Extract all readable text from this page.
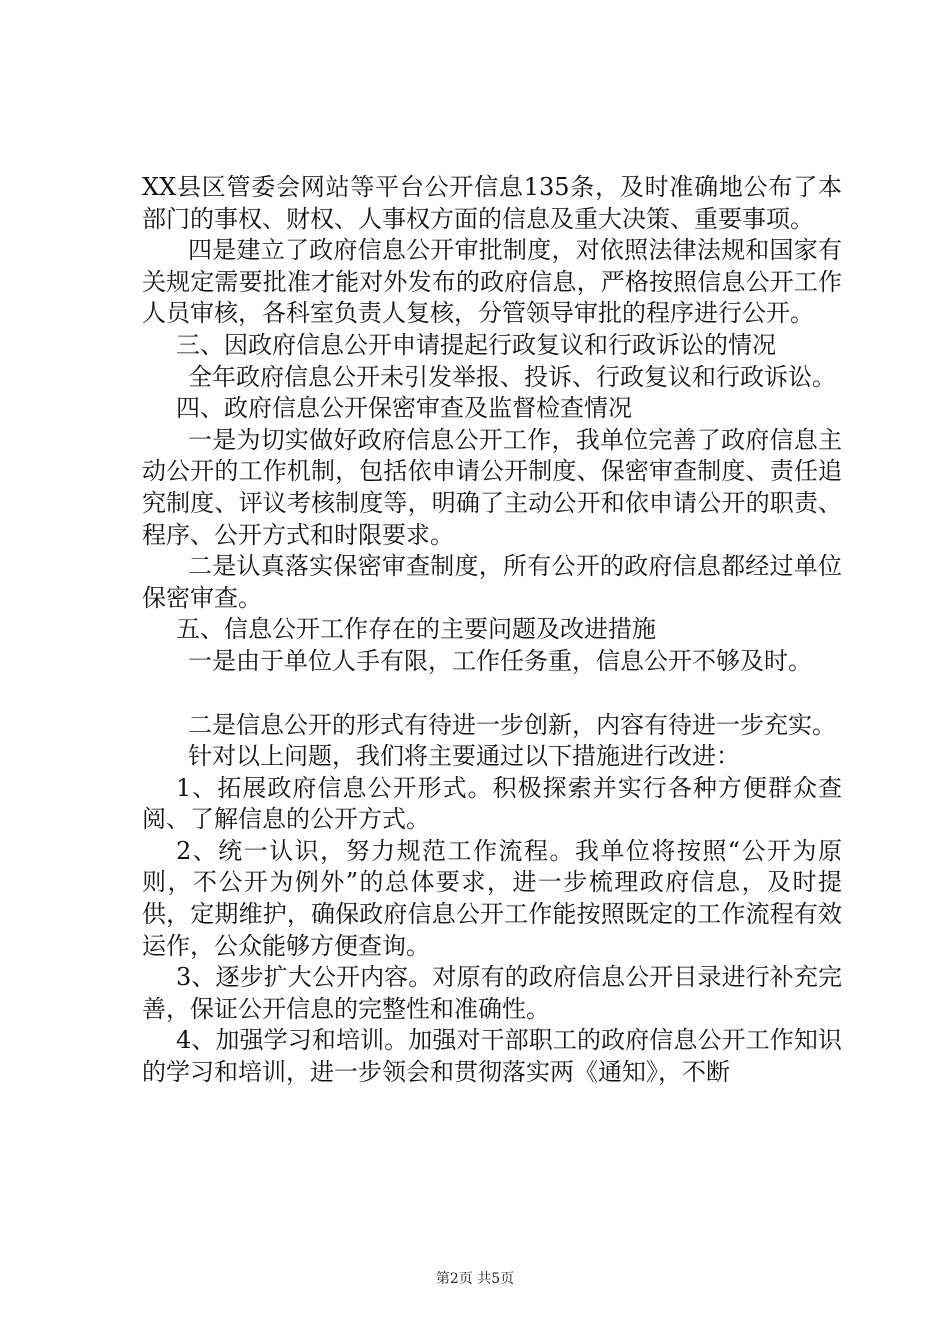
XX县区管委会网站等平台公开信息135条，及时准确地公布了本部门的事权、财权、人事权方面的信息及重大决策、重要事项。

四是建立了政府信息公开审批制度，对依照法律法规和国家有关规定需要批准才能对外发布的政府信息，严格按照信息公开工作人员审核，各科室负责人复核，分管领导审批的程序进行公开。

三、因政府信息公开申请提起行政复议和行政诉讼的情况

全年政府信息公开未引发举报、投诉、行政复议和行政诉讼。

四、政府信息公开保密审查及监督检查情况

一是为切实做好政府信息公开工作，我单位完善了政府信息主动公开的工作机制，包括依申请公开制度、保密审查制度、责任追究制度、评议考核制度等，明确了主动公开和依申请公开的职责、程序、公开方式和时限要求。

二是认真落实保密审查制度，所有公开的政府信息都经过单位保密审查。

五、信息公开工作存在的主要问题及改进措施

一是由于单位人手有限，工作任务重，信息公开不够及时。

二是信息公开的形式有待进一步创新，内容有待进一步充实。

针对以上问题，我们将主要通过以下措施进行改进：

1、拓展政府信息公开形式。积极探索并实行各种方便群众查阅、了解信息的公开方式。

2、统一认识，努力规范工作流程。我单位将按照“公开为原则，不公开为例外”的总体要求，进一步梳理政府信息，及时提供，定期维护，确保政府信息公开工作能按照既定的工作流程有效运作，公众能够方便查询。

3、逐步扩大公开内容。对原有的政府信息公开目录进行补充完善，保证公开信息的完整性和准确性。

4、加强学习和培训。加强对干部职工的政府信息公开工作知识的学习和培训，进一步领会和贯彻落实两《通知》，不断

第2页 共5页
